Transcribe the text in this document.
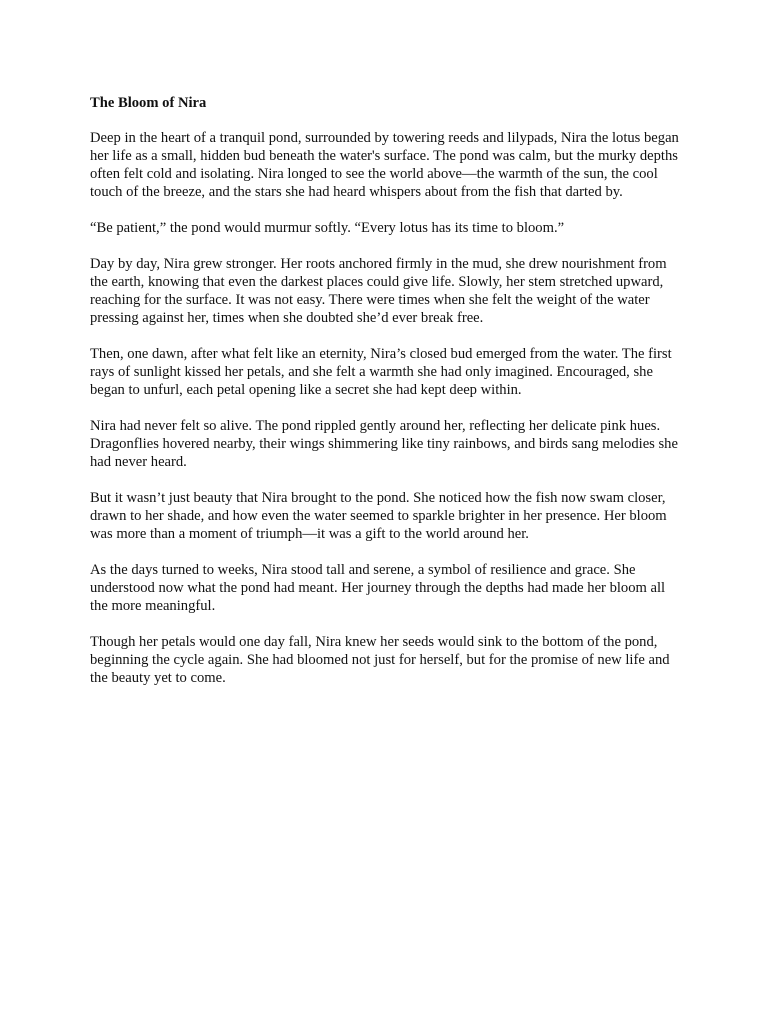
The Bloom of Nira

Deep in the heart of a tranquil pond, surrounded by towering reeds and lilypads, Nira the lotus began her life as a small, hidden bud beneath the water's surface. The pond was calm, but the murky depths often felt cold and isolating. Nira longed to see the world above—the warmth of the sun, the cool touch of the breeze, and the stars she had heard whispers about from the fish that darted by.

“Be patient,” the pond would murmur softly. “Every lotus has its time to bloom.”

Day by day, Nira grew stronger. Her roots anchored firmly in the mud, she drew nourishment from the earth, knowing that even the darkest places could give life. Slowly, her stem stretched upward, reaching for the surface. It was not easy. There were times when she felt the weight of the water pressing against her, times when she doubted she’d ever break free.

Then, one dawn, after what felt like an eternity, Nira’s closed bud emerged from the water. The first rays of sunlight kissed her petals, and she felt a warmth she had only imagined. Encouraged, she began to unfurl, each petal opening like a secret she had kept deep within.

Nira had never felt so alive. The pond rippled gently around her, reflecting her delicate pink hues. Dragonflies hovered nearby, their wings shimmering like tiny rainbows, and birds sang melodies she had never heard.

But it wasn’t just beauty that Nira brought to the pond. She noticed how the fish now swam closer, drawn to her shade, and how even the water seemed to sparkle brighter in her presence. Her bloom was more than a moment of triumph—it was a gift to the world around her.

As the days turned to weeks, Nira stood tall and serene, a symbol of resilience and grace. She understood now what the pond had meant. Her journey through the depths had made her bloom all the more meaningful.

Though her petals would one day fall, Nira knew her seeds would sink to the bottom of the pond, beginning the cycle again. She had bloomed not just for herself, but for the promise of new life and the beauty yet to come.
